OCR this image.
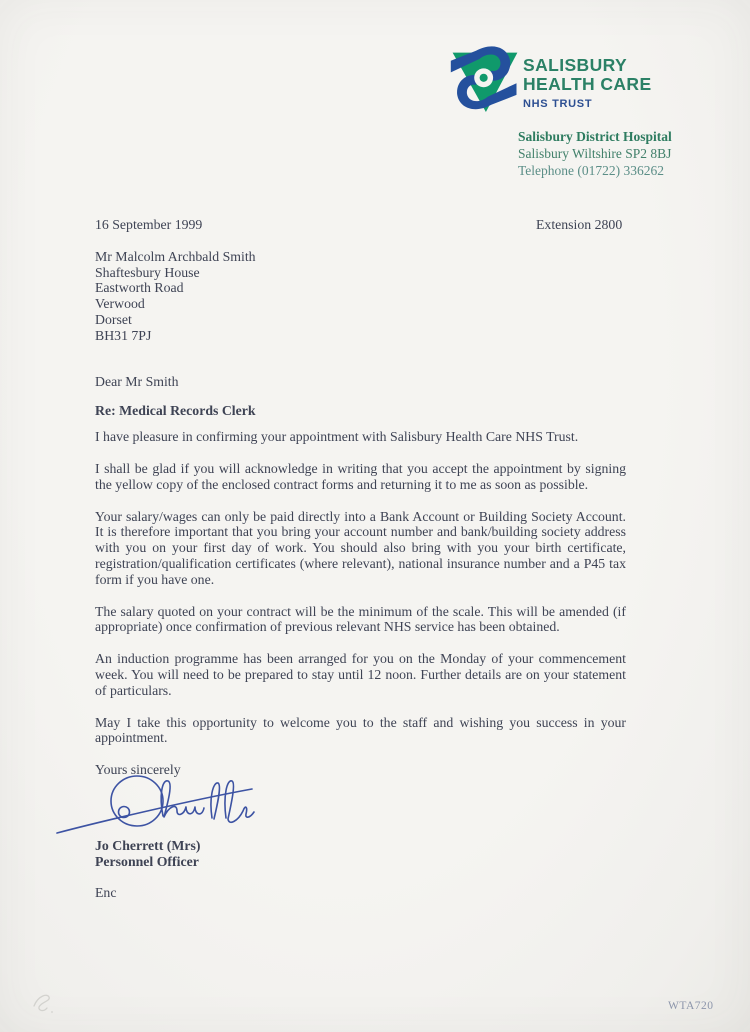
SALISBURY
HEALTH CARE
NHS TRUST
Salisbury District Hospital
Salisbury Wiltshire SP2 8BJ
Telephone (01722) 336262
16 September 1999	Extension 2800
Mr Malcolm Archbald Smith
Shaftesbury House
Eastworth Road
Verwood
Dorset
BH31 7PJ
Dear Mr Smith
Re: Medical Records Clerk

I have pleasure in confirming your appointment with Salisbury Health Care NHS Trust.

I shall be glad if you will acknowledge in writing that you accept the appointment by signing the yellow copy of the enclosed contract forms and returning it to me as soon as possible.

Your salary/wages can only be paid directly into a Bank Account or Building Society Account. It is therefore important that you bring your account number and bank/building society address with you on your first day of work. You should also bring with you your birth certificate, registration/qualification certificates (where relevant), national insurance number and a P45 tax form if you have one.

The salary quoted on your contract will be the minimum of the scale. This will be amended (if appropriate) once confirmation of previous relevant NHS service has been obtained.

An induction programme has been arranged for you on the Monday of your commencement week. You will need to be prepared to stay until 12 noon. Further details are on your statement of particulars.

May I take this opportunity to welcome you to the staff and wishing you success in your appointment.

Yours sincerely
Jo Cherrett (Mrs)
Personnel Officer
Enc
WTA720
